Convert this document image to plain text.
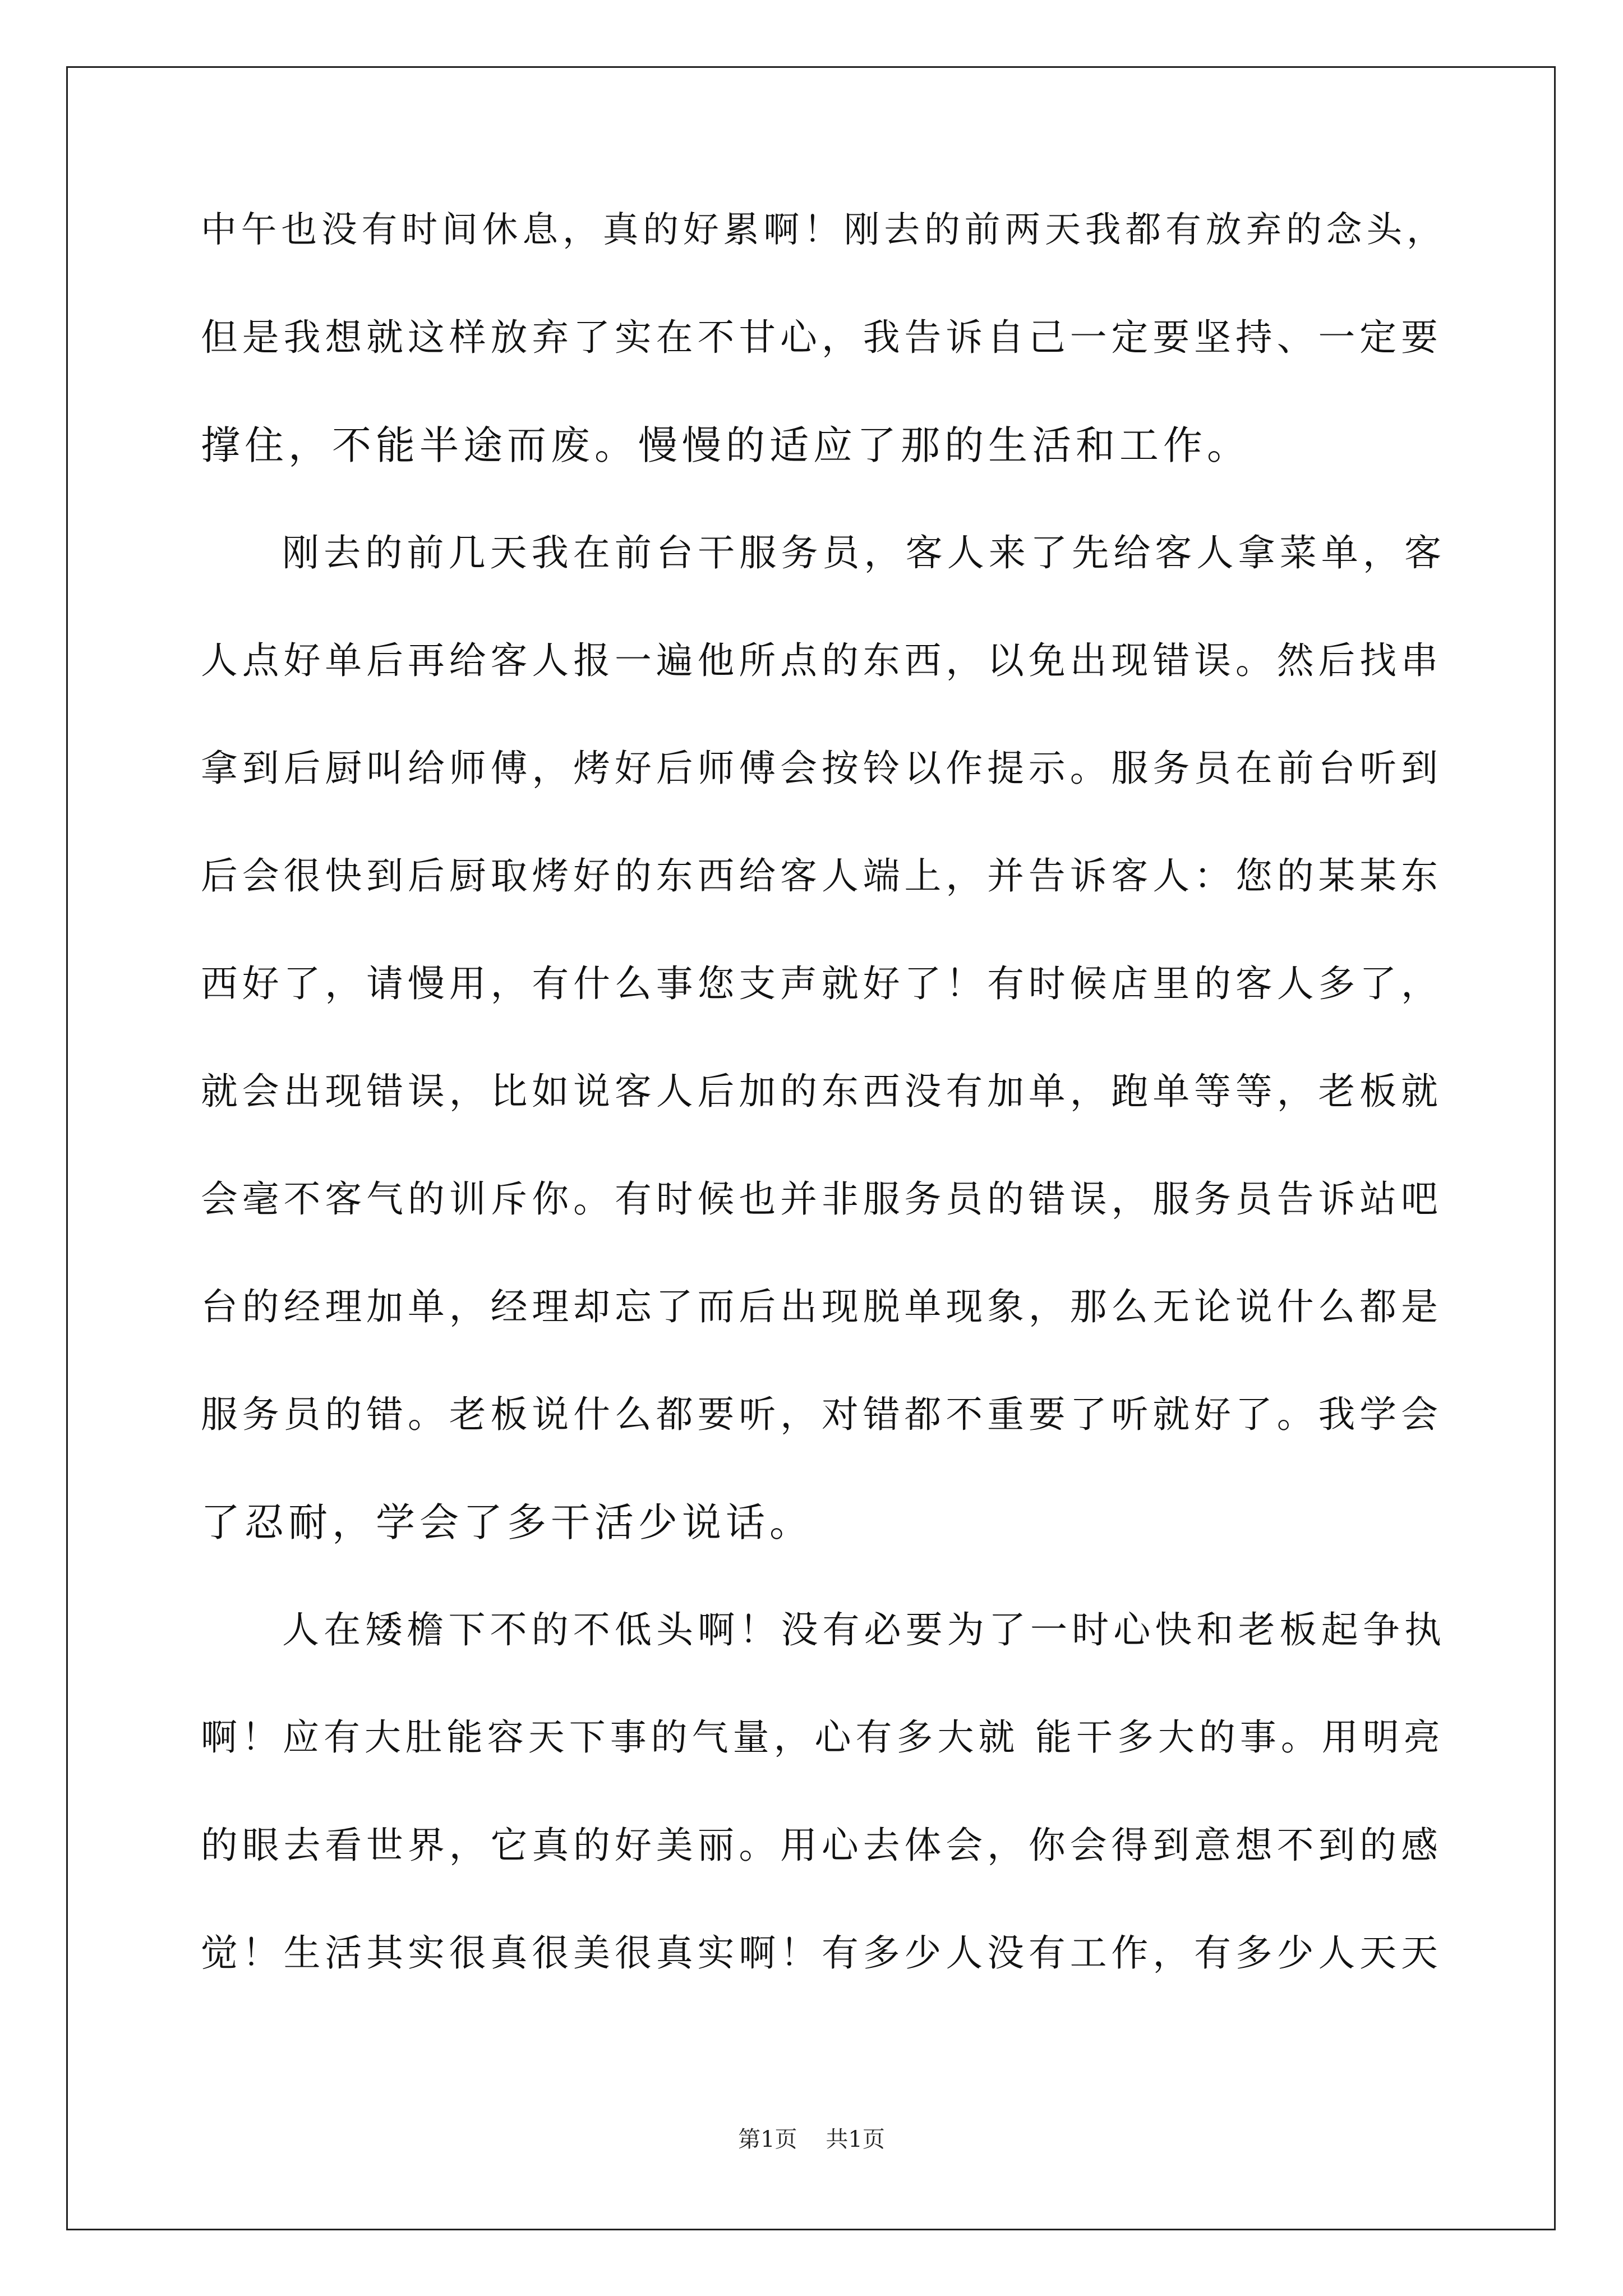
中午也没有时间休息，真的好累啊！刚去的前两天我都有放弃的念头，
但是我想就这样放弃了实在不甘心，我告诉自己一定要坚持、一定要
撑住，不能半途而废。慢慢的适应了那的生活和工作。
刚去的前几天我在前台干服务员，客人来了先给客人拿菜单，客
人点好单后再给客人报一遍他所点的东西，以免出现错误。然后找串
拿到后厨叫给师傅，烤好后师傅会按铃以作提示。服务员在前台听到
后会很快到后厨取烤好的东西给客人端上，并告诉客人：您的某某东
西好了，请慢用，有什么事您支声就好了！有时候店里的客人多了，
就会出现错误，比如说客人后加的东西没有加单，跑单等等，老板就
会毫不客气的训斥你。有时候也并非服务员的错误，服务员告诉站吧
台的经理加单，经理却忘了而后出现脱单现象，那么无论说什么都是
服务员的错。老板说什么都要听，对错都不重要了听就好了。我学会
了忍耐，学会了多干活少说话。
人在矮檐下不的不低头啊！没有必要为了一时心快和老板起争执
啊！应有大肚能容天下事的气量，心有多大就 能干多大的事。用明亮
的眼去看世界，它真的好美丽。用心去体会，你会得到意想不到的感
觉！生活其实很真很美很真实啊！有多少人没有工作，有多少人天天
第1页 共1页
